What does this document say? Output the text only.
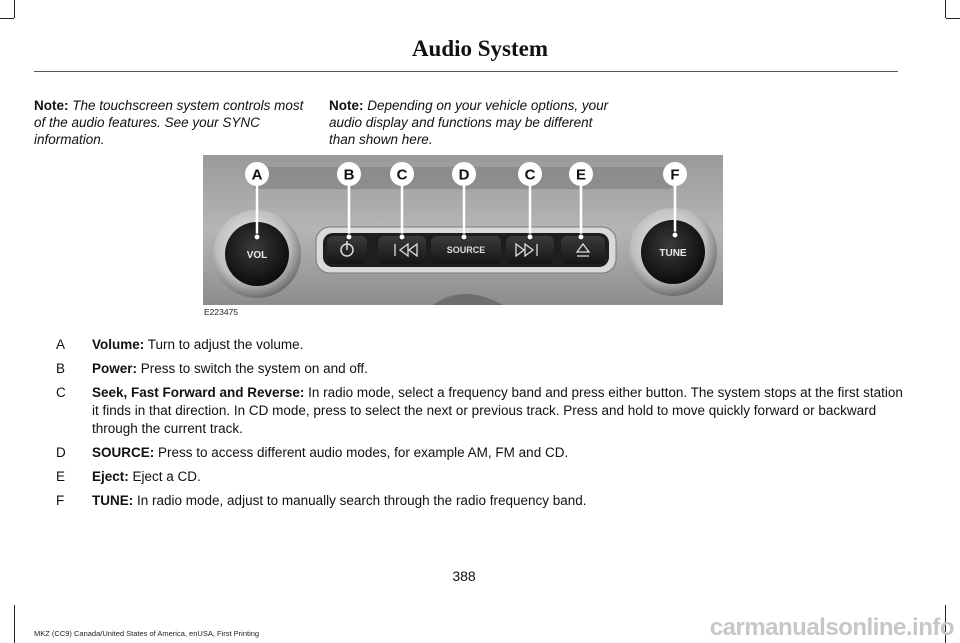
Audio System
Note: The touchscreen system controls most of the audio features. See your SYNC information.
Note: Depending on your vehicle options, your audio display and functions may be different than shown here.
VOL	TUNE
SOURCE
A	B	C	D	C	E	F
E223475
A	Volume: Turn to adjust the volume.
B	Power: Press to switch the system on and off.
C	Seek, Fast Forward and Reverse: In radio mode, select a frequency band and press either button. The system stops at the first station it finds in that direction. In CD mode, press to select the next or previous track. Press and hold to move quickly forward or backward through the current track.
D	SOURCE: Press to access different audio modes, for example AM, FM and CD.
E	Eject: Eject a CD.
F	TUNE: In radio mode, adjust to manually search through the radio frequency band.
388
MKZ (CC9) Canada/United States of America, enUSA, First Printing	carmanualsonline.info
